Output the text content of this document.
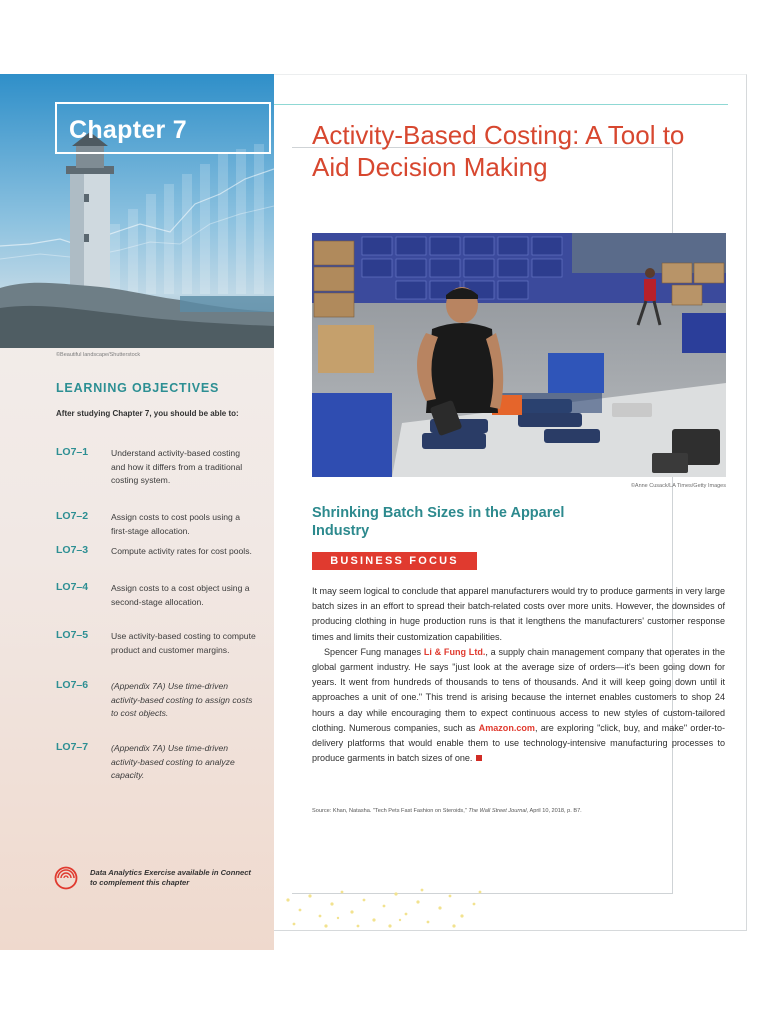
©Beautiful landscape/Shutterstock
LEARNING OBJECTIVES
After studying Chapter 7, you should be able to:
LO7–1	Understand activity-based costing and how it differs from a traditional costing system.
LO7–2	Assign costs to cost pools using a first-stage allocation.
LO7–3	Compute activity rates for cost pools.
LO7–4	Assign costs to a cost object using a second-stage allocation.
LO7–5	Use activity-based costing to compute product and customer margins.
LO7–6	(Appendix 7A) Use time-driven activity-based costing to assign costs to cost objects.
LO7–7	(Appendix 7A) Use time-driven activity-based costing to analyze capacity.
Data Analytics Exercise available in Connect to complement this chapter
Chapter 7	Activity-Based Costing: A Tool to Aid Decision Making
©Anne Cusack/LA Times/Getty Images
Shrinking Batch Sizes in the Apparel Industry
BUSINESS FOCUS

It may seem logical to conclude that apparel manufacturers would try to produce garments in very large batch sizes in an effort to spread their batch-related costs over more units. However, the downsides of producing clothing in huge production runs is that it lengthens the manufacturers' customer response times and limits their customization capabilities.

Spencer Fung manages Li & Fung Ltd., a supply chain management company that operates in the global garment industry. He says "just look at the average size of orders—it's been going down for years. It went from hundreds of thousands to tens of thousands. And it will keep going down until it approaches a unit of one." This trend is arising because the internet enables customers to shop 24 hours a day while encouraging them to expect continuous access to new styles of custom-tailored clothing. Numerous companies, such as Amazon.com, are exploring "click, buy, and make" order-to-delivery platforms that would enable them to use technology-intensive manufacturing processes to produce garments in batch sizes of one.

Source: Khan, Natasha. "Tech Pets Fast Fashion on Steroids," The Wall Street Journal, April 10, 2018, p. B7.
